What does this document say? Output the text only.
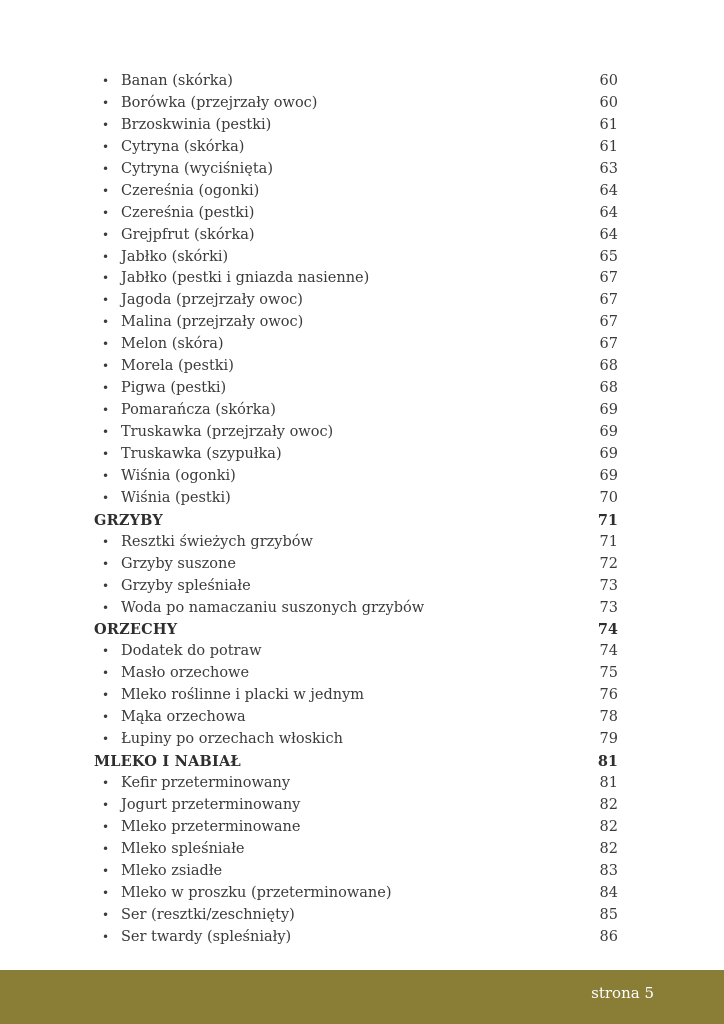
• Banan (skórka)	60
• Borówka (przejrzały owoc)	60
• Brzoskwinia (pestki)	61
• Cytryna (skórka)	61
• Cytryna (wyciśnięta)	63
• Czereśnia (ogonki)	64
• Czereśnia (pestki)	64
• Grejpfrut (skórka)	64
• Jabłko (skórki)	65
• Jabłko (pestki i gniazda nasienne)	67
• Jagoda (przejrzały owoc)	67
• Malina (przejrzały owoc)	67
• Melon (skóra)	67
• Morela (pestki)	68
• Pigwa (pestki)	68
• Pomarańcza (skórka)	69
• Truskawka (przejrzały owoc)	69
• Truskawka (szypułka)	69
• Wiśnia (ogonki)	69
• Wiśnia (pestki)	70
GRZYBY	71
• Resztki świeżych grzybów	71
• Grzyby suszone	72
• Grzyby spleśniałe	73
• Woda po namaczaniu suszonych grzybów	73
ORZECHY	74
• Dodatek do potraw	74
• Masło orzechowe	75
• Mleko roślinne i placki w jednym	76
• Mąka orzechowa	78
• Łupiny po orzechach włoskich	79
MLEKO I NABIAŁ	81
• Kefir przeterminowany	81
• Jogurt przeterminowany	82
• Mleko przeterminowane	82
• Mleko spleśniałe	82
• Mleko zsiadłe	83
• Mleko w proszku (przeterminowane)	84
• Ser (resztki/zeschnięty)	85
• Ser twardy (spleśniały)	86
strona 5
